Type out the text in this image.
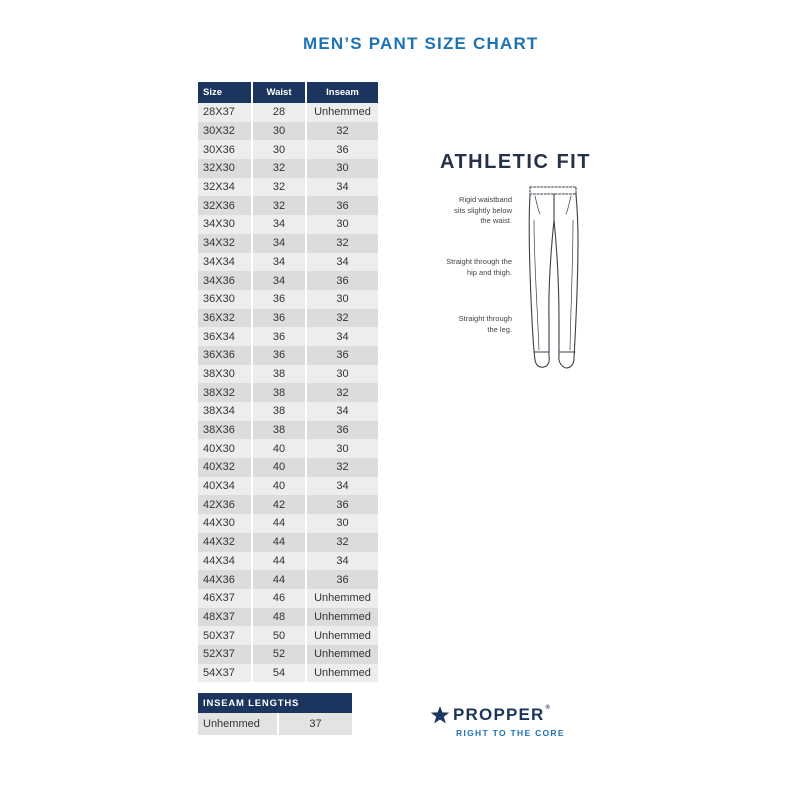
MEN’S PANT SIZE CHART
Size	Waist	Inseam
28X37	28	Unhemmed
30X32	30	32
30X36	30	36
32X30	32	30
32X34	32	34
32X36	32	36
34X30	34	30
34X32	34	32
34X34	34	34
34X36	34	36
36X30	36	30
36X32	36	32
36X34	36	34
36X36	36	36
38X30	38	30
38X32	38	32
38X34	38	34
38X36	38	36
40X30	40	30
40X32	40	32
40X34	40	34
42X36	42	36
44X30	44	30
44X32	44	32
44X34	44	34
44X36	44	36
46X37	46	Unhemmed
48X37	48	Unhemmed
50X37	50	Unhemmed
52X37	52	Unhemmed
54X37	54	Unhemmed
INSEAM LENGTHS
Unhemmed	37
ATHLETIC FIT
Rigid waistband
sits slightly below
the waist.
Straight through the
hip and thigh.
Straight through
the leg.
PROPPER®
RIGHT TO THE CORE
